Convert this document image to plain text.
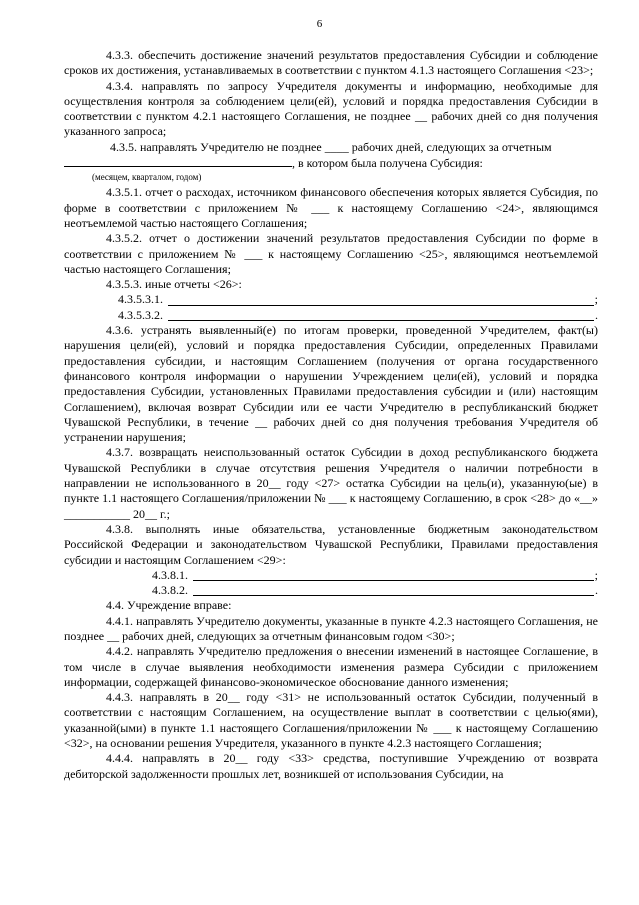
6

4.3.3. обеспечить достижение значений результатов предоставления Субсидии и соблюдение сроков их достижения, устанавливаемых в соответствии с пунктом 4.1.3 настоящего Соглашения <23>;

4.3.4. направлять по запросу Учредителя документы и информацию, необходимые для осуществления контроля за соблюдением цели(ей), условий и порядка предоставления Субсидии в соответствии с пунктом 4.2.1 настоящего Соглашения, не позднее __ рабочих дней со дня получения указанного запроса;

4.3.5. направлять Учредителю не позднее ____ рабочих дней, следующих за отчетным
, в котором была получена Субсидия:

(месяцем, кварталом, годом)

4.3.5.1. отчет о расходах, источником финансового обеспечения которых является Субсидия, по форме в соответствии с приложением № ___ к настоящему Соглашению <24>, являющимся неотъемлемой частью настоящего Соглашения;

4.3.5.2. отчет о достижении значений результатов предоставления Субсидии по форме в соответствии с приложением № ___ к настоящему Соглашению <25>, являющимся неотъемлемой частью настоящего Соглашения;

4.3.5.3. иные отчеты <26>:

4.3.5.3.1.	;
4.3.5.3.2.	.

4.3.6. устранять выявленный(е) по итогам проверки, проведенной Учредителем, факт(ы) нарушения цели(ей), условий и порядка предоставления Субсидии, определенных Правилами предоставления субсидии, и настоящим Соглашением (получения от органа государственного финансового контроля информации о нарушении Учреждением цели(ей), условий и порядка предоставления Субсидии, установленных Правилами предоставления субсидии и (или) настоящим Соглашением), включая возврат Субсидии или ее части Учредителю в республиканский бюджет Чувашской Республики, в течение __ рабочих дней со дня получения требования Учредителя об устранении нарушения;

4.3.7. возвращать неиспользованный остаток Субсидии в доход республиканского бюджета Чувашской Республики в случае отсутствия решения Учредителя о наличии потребности в направлении не использованного в 20__ году <27> остатка Субсидии на цель(и), указанную(ые) в пункте 1.1 настоящего Соглашения/приложении № ___ к настоящему Соглашению, в срок <28> до «__» ___________ 20__ г.;

4.3.8. выполнять иные обязательства, установленные бюджетным законодательством Российской Федерации и законодательством Чувашской Республики, Правилами предоставления субсидии и настоящим Соглашением <29>:

4.3.8.1.	;
4.3.8.2.	.

4.4. Учреждение вправе:

4.4.1. направлять Учредителю документы, указанные в пункте 4.2.3 настоящего Соглашения, не позднее __ рабочих дней, следующих за отчетным финансовым годом <30>;

4.4.2. направлять Учредителю предложения о внесении изменений в настоящее Соглашение, в том числе в случае выявления необходимости изменения размера Субсидии с приложением информации, содержащей финансово-экономическое обоснование данного изменения;

4.4.3. направлять в 20__ году <31> не использованный остаток Субсидии, полученный в соответствии с настоящим Соглашением, на осуществление выплат в соответствии с целью(ями), указанной(ыми) в пункте 1.1 настоящего Соглашения/приложении № ___ к настоящему Соглашению <32>, на основании решения Учредителя, указанного в пункте 4.2.3 настоящего Соглашения;

4.4.4. направлять в 20__ году <33> средства, поступившие Учреждению от возврата дебиторской задолженности прошлых лет, возникшей от использования Субсидии, на
